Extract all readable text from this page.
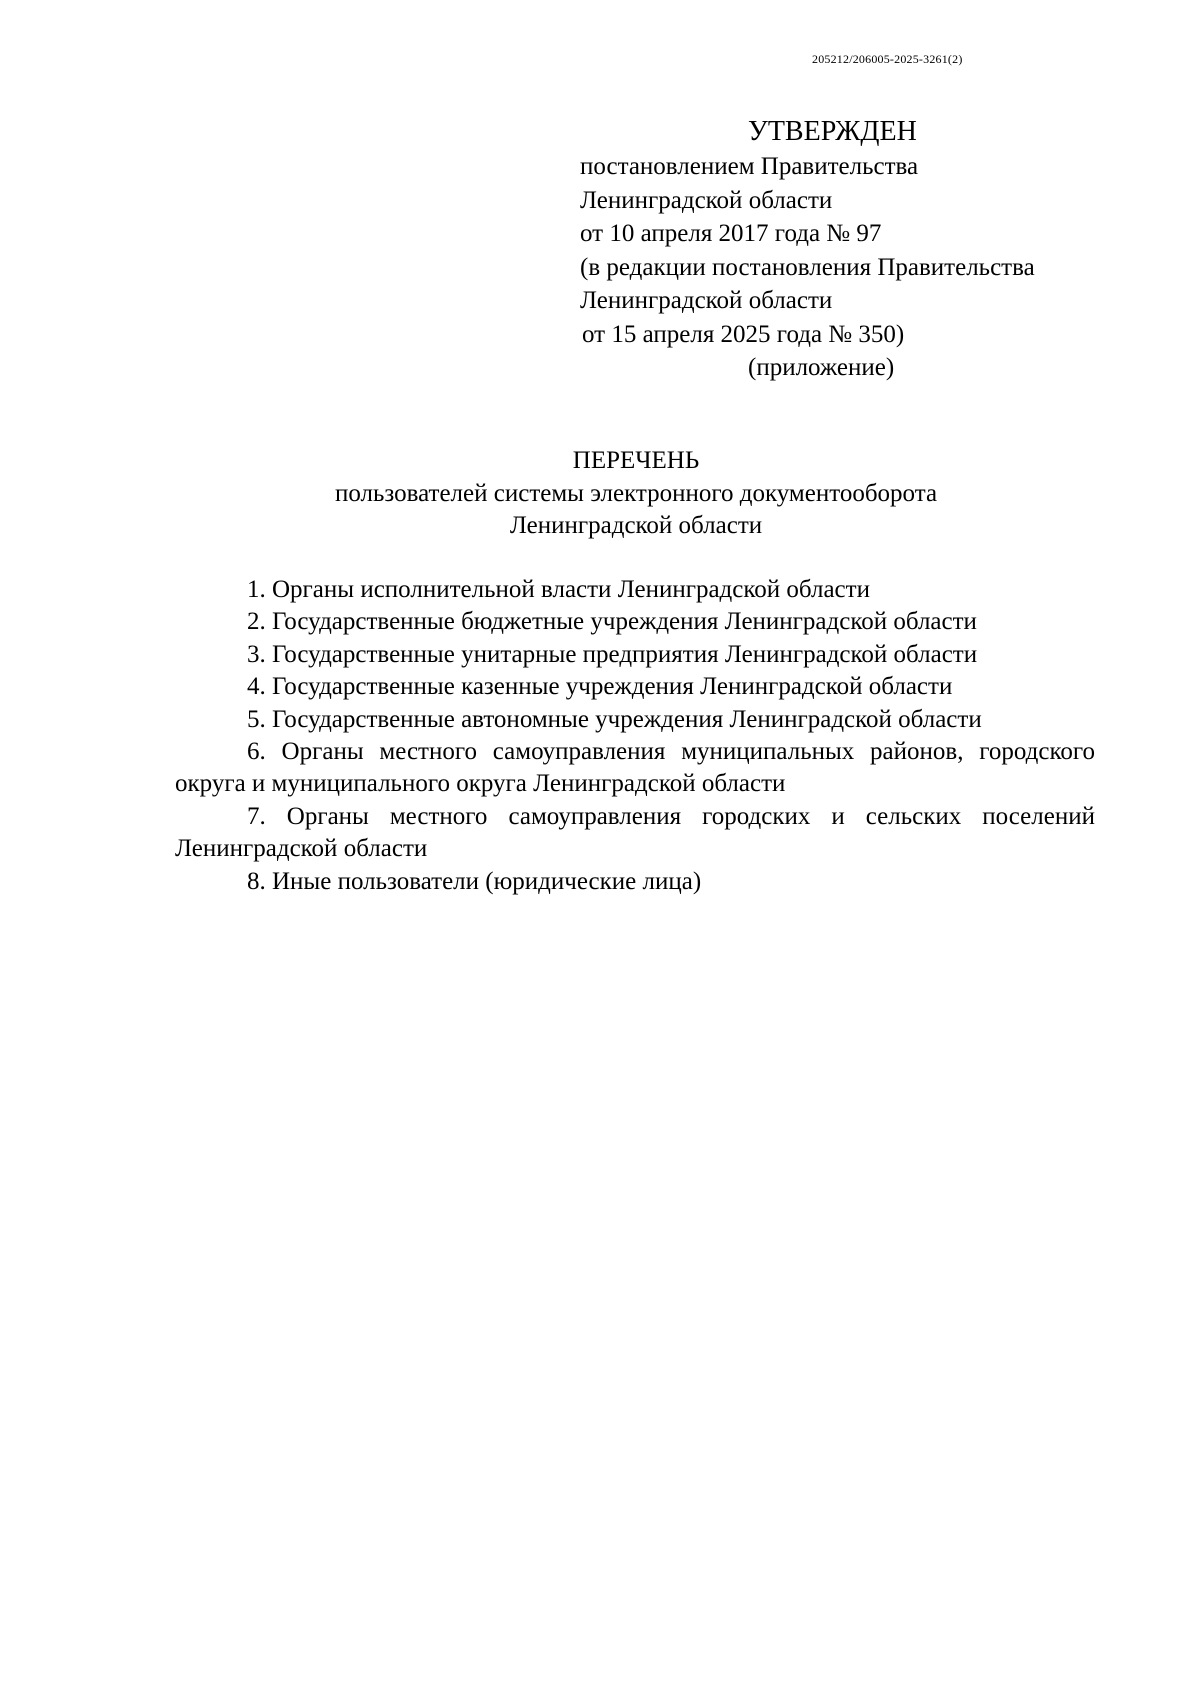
205212/206005-2025-3261(2)
УТВЕРЖДЕН
постановлением Правительства
Ленинградской области
от 10 апреля 2017 года № 97
(в редакции постановления Правительства
Ленинградской области
от 15 апреля 2025 года № 350)
(приложение)
ПЕРЕЧЕНЬ
пользователей системы электронного документооборота
Ленинградской области
1. Органы исполнительной власти Ленинградской области
2. Государственные бюджетные учреждения Ленинградской области
3. Государственные унитарные предприятия Ленинградской области
4. Государственные казенные учреждения Ленинградской области
5. Государственные автономные учреждения Ленинградской области
6. Органы местного самоуправления муниципальных районов, городского округа и муниципального округа Ленинградской области
7. Органы местного самоуправления городских и сельских поселений Ленинградской области
8. Иные пользователи (юридические лица)
